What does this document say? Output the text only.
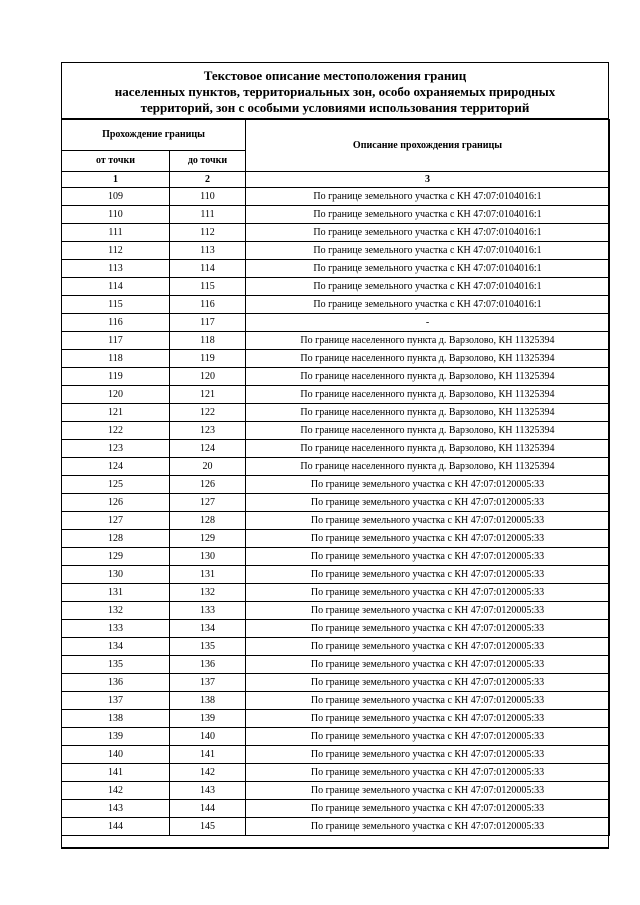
Текстовое описание местоположения границ
населенных пунктов, территориальных зон, особо охраняемых природных
территорий, зон с особыми условиями использования территорий
Прохождение границы		Описание прохождения границы
от точки	до точки	
1	2	3
109	110	По границе земельного участка с КН 47:07:0104016:1
110	111	По границе земельного участка с КН 47:07:0104016:1
111	112	По границе земельного участка с КН 47:07:0104016:1
112	113	По границе земельного участка с КН 47:07:0104016:1
113	114	По границе земельного участка с КН 47:07:0104016:1
114	115	По границе земельного участка с КН 47:07:0104016:1
115	116	По границе земельного участка с КН 47:07:0104016:1
116	117	-
117	118	По границе населенного пункта д. Варзолово, КН 11325394
118	119	По границе населенного пункта д. Варзолово, КН 11325394
119	120	По границе населенного пункта д. Варзолово, КН 11325394
120	121	По границе населенного пункта д. Варзолово, КН 11325394
121	122	По границе населенного пункта д. Варзолово, КН 11325394
122	123	По границе населенного пункта д. Варзолово, КН 11325394
123	124	По границе населенного пункта д. Варзолово, КН 11325394
124	20	По границе населенного пункта д. Варзолово, КН 11325394
125	126	По границе земельного участка с КН 47:07:0120005:33
126	127	По границе земельного участка с КН 47:07:0120005:33
127	128	По границе земельного участка с КН 47:07:0120005:33
128	129	По границе земельного участка с КН 47:07:0120005:33
129	130	По границе земельного участка с КН 47:07:0120005:33
130	131	По границе земельного участка с КН 47:07:0120005:33
131	132	По границе земельного участка с КН 47:07:0120005:33
132	133	По границе земельного участка с КН 47:07:0120005:33
133	134	По границе земельного участка с КН 47:07:0120005:33
134	135	По границе земельного участка с КН 47:07:0120005:33
135	136	По границе земельного участка с КН 47:07:0120005:33
136	137	По границе земельного участка с КН 47:07:0120005:33
137	138	По границе земельного участка с КН 47:07:0120005:33
138	139	По границе земельного участка с КН 47:07:0120005:33
139	140	По границе земельного участка с КН 47:07:0120005:33
140	141	По границе земельного участка с КН 47:07:0120005:33
141	142	По границе земельного участка с КН 47:07:0120005:33
142	143	По границе земельного участка с КН 47:07:0120005:33
143	144	По границе земельного участка с КН 47:07:0120005:33
144	145	По границе земельного участка с КН 47:07:0120005:33
